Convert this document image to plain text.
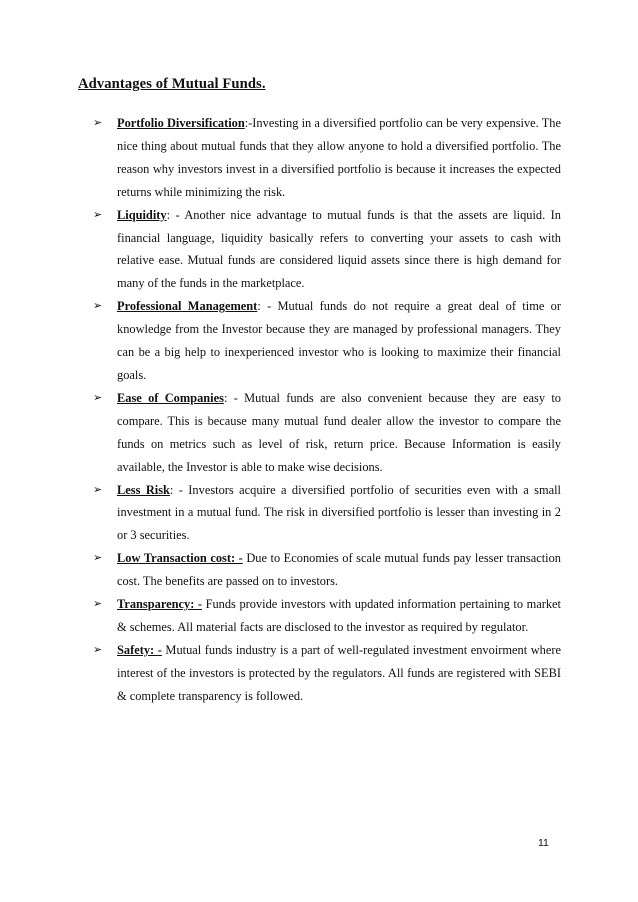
Advantages of Mutual Funds.
➢ Portfolio Diversification:-Investing in a diversified portfolio can be very expensive. The nice thing about mutual funds that they allow anyone to hold a diversified portfolio. The reason why investors invest in a diversified portfolio is because it increases the expected returns while minimizing the risk.
➢ Liquidity: - Another nice advantage to mutual funds is that the assets are liquid. In financial language, liquidity basically refers to converting your assets to cash with relative ease. Mutual funds are considered liquid assets since there is high demand for many of the funds in the marketplace.
➢ Professional Management: - Mutual funds do not require a great deal of time or knowledge from the Investor because they are managed by professional managers. They can be a big help to inexperienced investor who is looking to maximize their financial goals.
➢ Ease of Companies: - Mutual funds are also convenient because they are easy to compare. This is because many mutual fund dealer allow the investor to compare the funds on metrics such as level of risk, return price. Because Information is easily available, the Investor is able to make wise decisions.
➢ Less Risk: - Investors acquire a diversified portfolio of securities even with a small investment in a mutual fund. The risk in diversified portfolio is lesser than investing in 2 or 3 securities.
➢ Low Transaction cost: - Due to Economies of scale mutual funds pay lesser transaction cost. The benefits are passed on to investors.
➢ Transparency: - Funds provide investors with updated information pertaining to market & schemes. All material facts are disclosed to the investor as required by regulator.
➢ Safety: - Mutual funds industry is a part of well-regulated investment envoirment where interest of the investors is protected by the regulators. All funds are registered with SEBI & complete transparency is followed.
11
